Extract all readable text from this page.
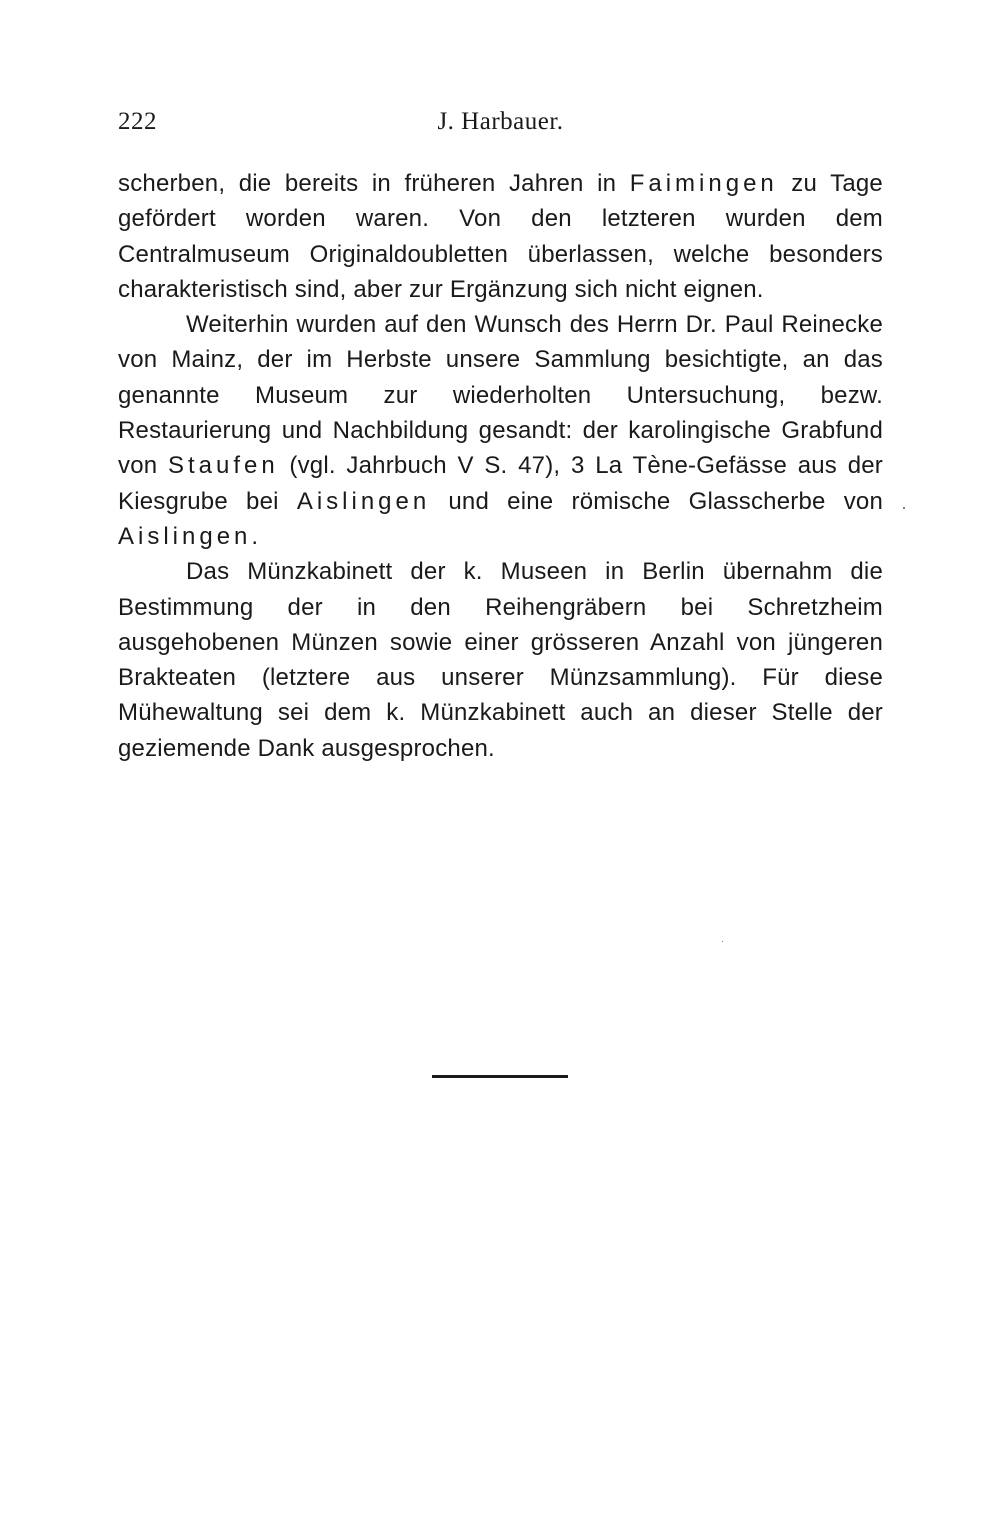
222	J. Harbauer.

scherben, die bereits in früheren Jahren in Faimingen zu Tage gefördert worden waren. Von den letzteren wurden dem Centralmuseum Originaldoubletten überlassen, welche besonders charakteristisch sind, aber zur Ergänzung sich nicht eignen.

Weiterhin wurden auf den Wunsch des Herrn Dr. Paul Reinecke von Mainz, der im Herbste unsere Sammlung besichtigte, an das genannte Museum zur wiederholten Untersuchung, bezw. Restaurierung und Nachbildung gesandt: der karolingische Grabfund von Staufen (vgl. Jahrbuch V S. 47), 3 La Tène-Gefässe aus der Kiesgrube bei Aislingen und eine römische Glasscherbe von Aislingen.

Das Münzkabinett der k. Museen in Berlin übernahm die Bestimmung der in den Reihengräbern bei Schretzheim ausgehobenen Münzen sowie einer grösseren Anzahl von jüngeren Brakteaten (letztere aus unserer Münzsammlung). Für diese Mühewaltung sei dem k. Münzkabinett auch an dieser Stelle der geziemende Dank ausgesprochen.
